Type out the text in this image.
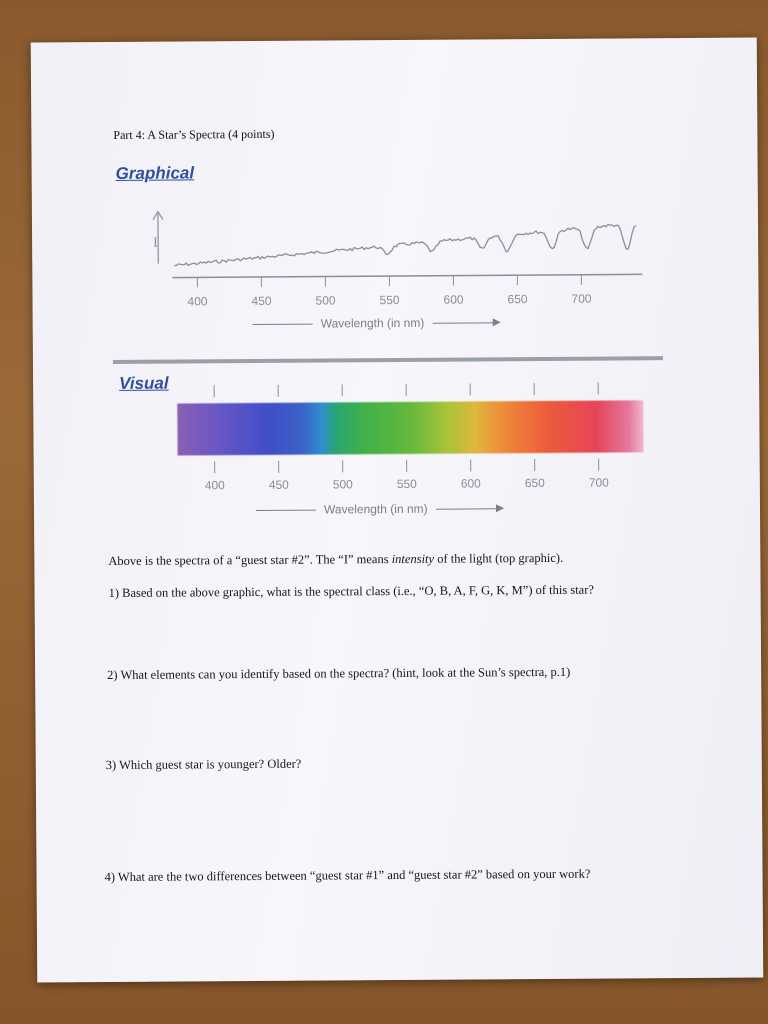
Part 4: A Star’s Spectra (4 points)
Graphical
I
400	450	500	550	600	650	700
Wavelength (in nm)
Visual
400	450	500	550	600	650	700
Wavelength (in nm)
Above is the spectra of a “guest star #2”. The “I” means intensity of the light (top graphic).
1) Based on the above graphic, what is the spectral class (i.e., “O, B, A, F, G, K, M”) of this star?
2) What elements can you identify based on the spectra? (hint, look at the Sun’s spectra, p.1)
3) Which guest star is younger? Older?
4) What are the two differences between “guest star #1” and “guest star #2” based on your work?
